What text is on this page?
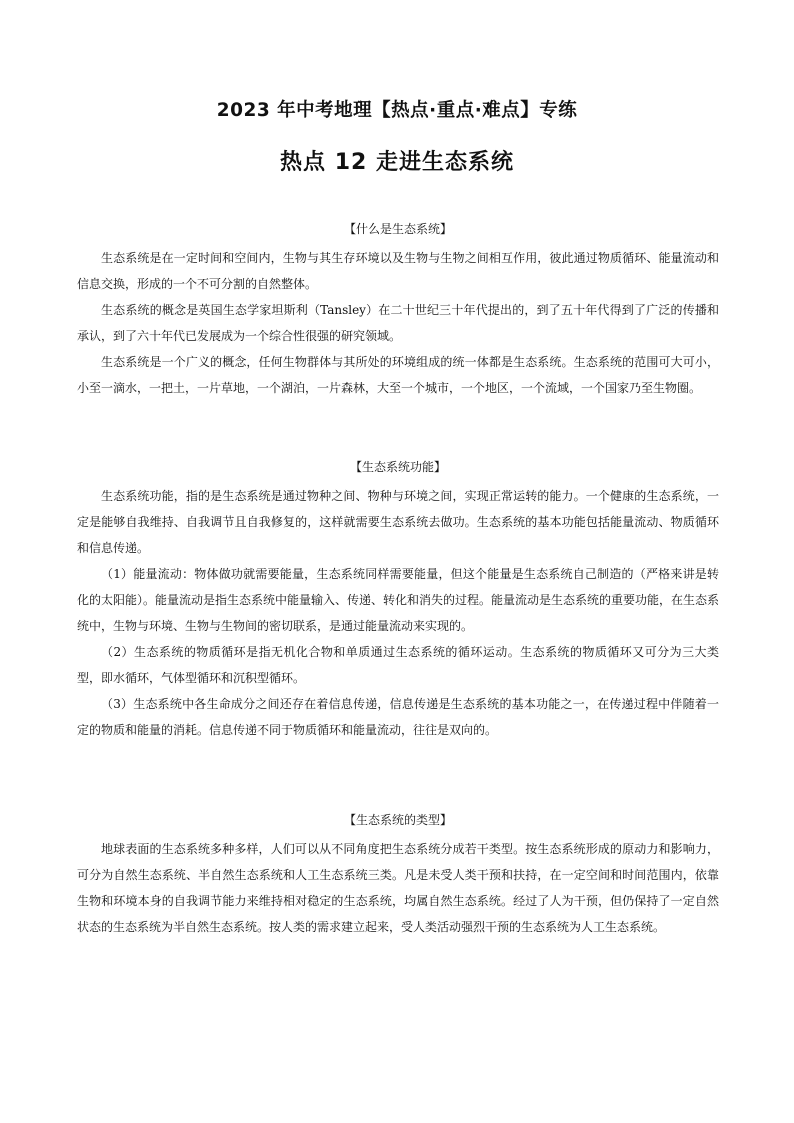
2023 年中考地理【热点·重点·难点】专练
热点 12 走进生态系统
【什么是生态系统】

生态系统是在一定时间和空间内，生物与其生存环境以及生物与生物之间相互作用，彼此通过物质循环、能量流动和信息交换，形成的一个不可分割的自然整体。

生态系统的概念是英国生态学家坦斯利（Tansley）在二十世纪三十年代提出的，到了五十年代得到了广泛的传播和承认，到了六十年代已发展成为一个综合性很强的研究领域。

生态系统是一个广义的概念，任何生物群体与其所处的环境组成的统一体都是生态系统。生态系统的范围可大可小，小至一滴水，一把土，一片草地，一个湖泊，一片森林，大至一个城市，一个地区，一个流域，一个国家乃至生物圈。

【生态系统功能】

生态系统功能，指的是生态系统是通过物种之间、物种与环境之间，实现正常运转的能力。一个健康的生态系统，一定是能够自我维持、自我调节且自我修复的，这样就需要生态系统去做功。生态系统的基本功能包括能量流动、物质循环和信息传递。

（1）能量流动：物体做功就需要能量，生态系统同样需要能量，但这个能量是生态系统自己制造的（严格来讲是转化的太阳能）。能量流动是指生态系统中能量输入、传递、转化和消失的过程。能量流动是生态系统的重要功能，在生态系统中，生物与环境、生物与生物间的密切联系，是通过能量流动来实现的。

（2）生态系统的物质循环是指无机化合物和单质通过生态系统的循环运动。生态系统的物质循环又可分为三大类型，即水循环，气体型循环和沉积型循环。

（3）生态系统中各生命成分之间还存在着信息传递，信息传递是生态系统的基本功能之一，在传递过程中伴随着一定的物质和能量的消耗。信息传递不同于物质循环和能量流动，往往是双向的。

【生态系统的类型】

地球表面的生态系统多种多样，人们可以从不同角度把生态系统分成若干类型。按生态系统形成的原动力和影响力，可分为自然生态系统、半自然生态系统和人工生态系统三类。凡是未受人类干预和扶持，在一定空间和时间范围内，依靠生物和环境本身的自我调节能力来维持相对稳定的生态系统，均属自然生态系统。经过了人为干预，但仍保持了一定自然状态的生态系统为半自然生态系统。按人类的需求建立起来，受人类活动强烈干预的生态系统为人工生态系统。
